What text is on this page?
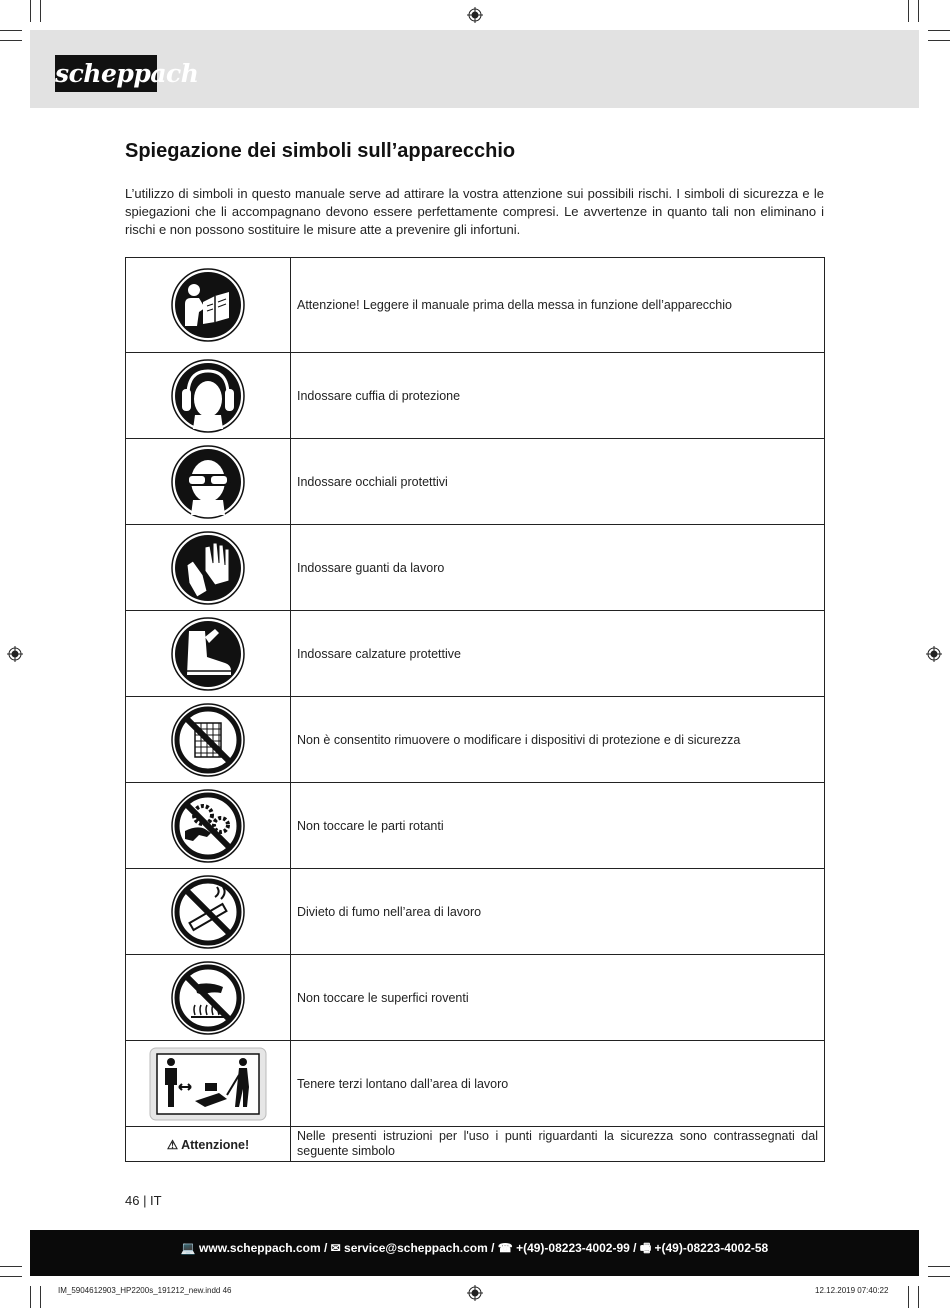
scheppach
Spiegazione dei simboli sull’apparecchio

L’utilizzo di simboli in questo manuale serve ad attirare la vostra attenzione sui possibili rischi. I simboli di sicurezza e le spiegazioni che li accompagnano devono essere perfettamente compresi. Le avvertenze in quanto tali non eliminano i rischi e non possono sostituire le misure atte a prevenire gli infortuni.

	Attenzione! Leggere il manuale prima della messa in funzione dell’apparecchio

	Indossare cuffia di protezione

	Indossare occhiali protettivi

	Indossare guanti da lavoro

	Indossare calzature protettive

	Non è consentito rimuovere o modificare i dispositivi di protezione e di sicurezza

	Non toccare le parti rotanti

	Divieto di fumo nell’area di lavoro

	Non toccare le superfici roventi

	Tenere terzi lontano dall’area di lavoro
⚠ Attenzione!	Nelle presenti istruzioni per l'uso i punti riguardanti la sicurezza sono contrassegnati dal seguente simbolo
46 | IT
💻 www.scheppach.com / ✉ service@scheppach.com / ☎ +(49)-08223-4002-99 / 🖷 +(49)-08223-4002-58
IM_5904612903_HP2200s_191212_new.indd 46	12.12.2019 07:40:22
